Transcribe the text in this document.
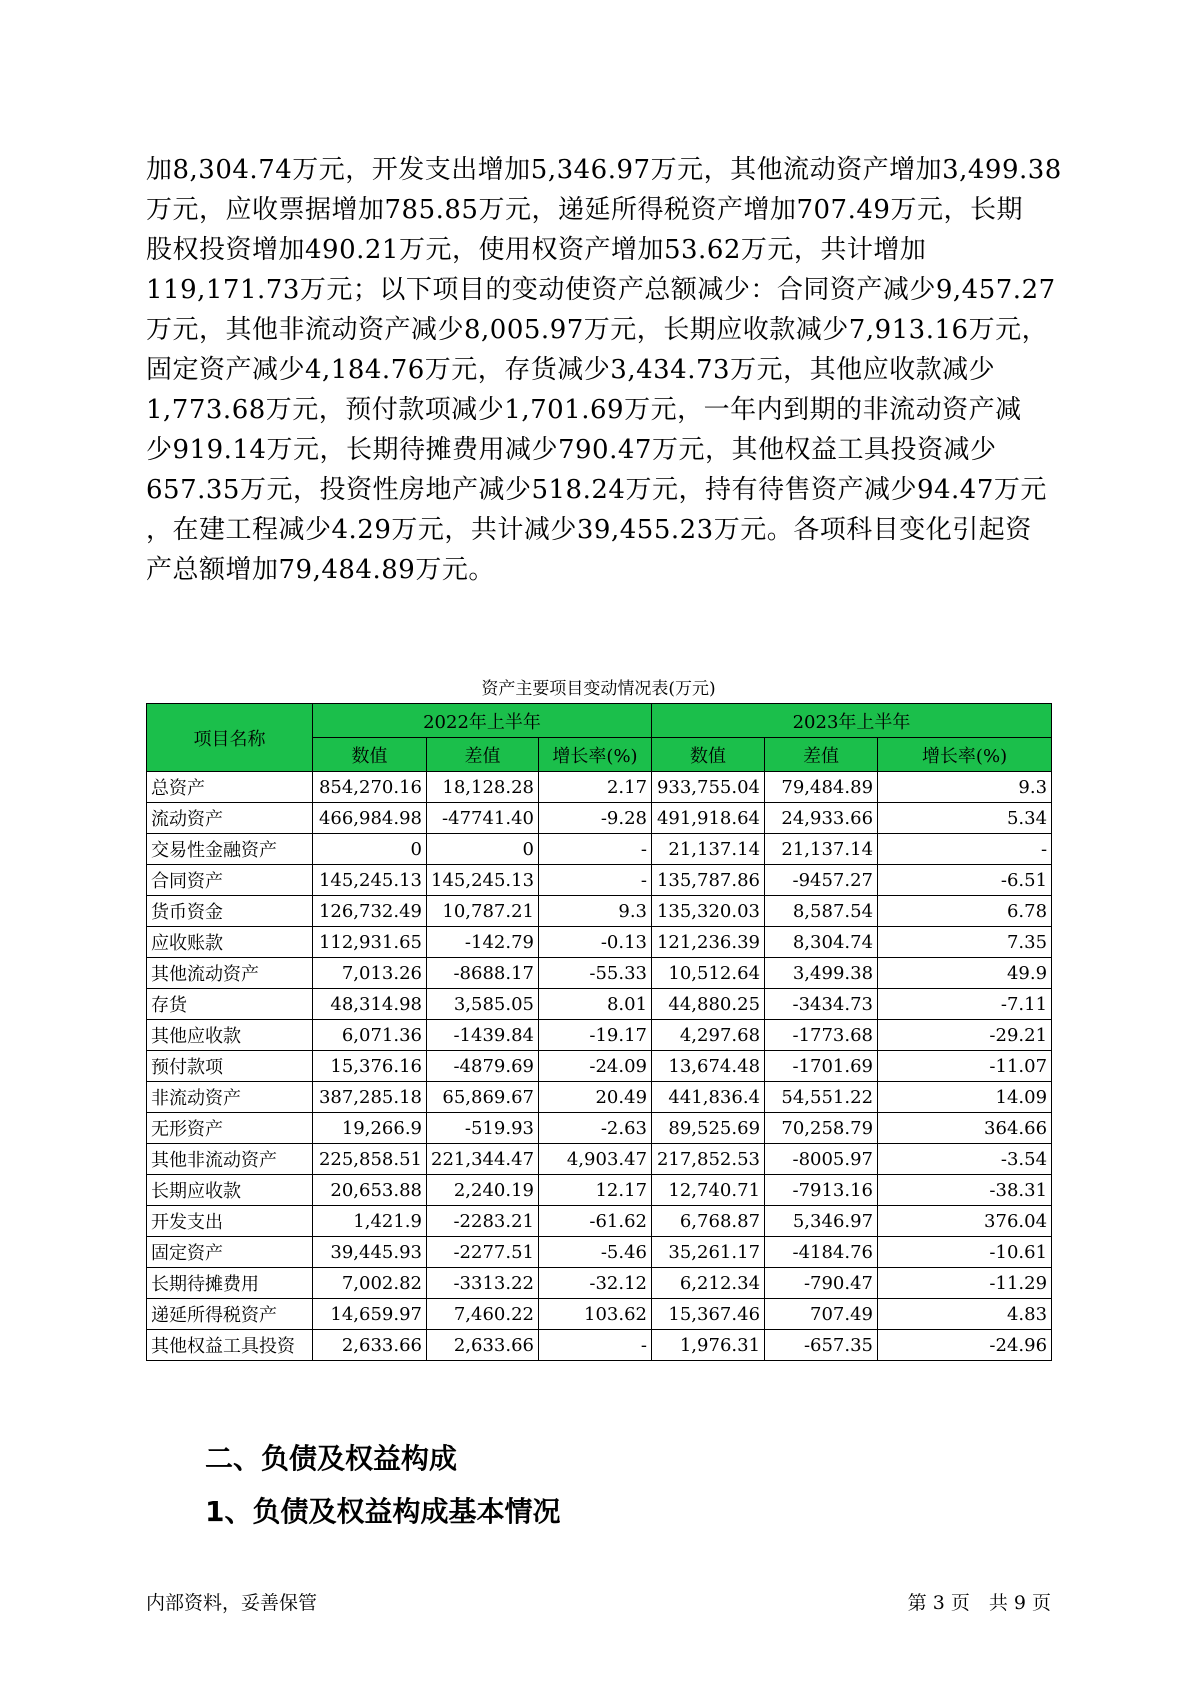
加8,304.74万元，开发支出增加5,346.97万元，其他流动资产增加3,499.38
万元，应收票据增加785.85万元，递延所得税资产增加707.49万元，长期
股权投资增加490.21万元，使用权资产增加53.62万元，共计增加
119,171.73万元；以下项目的变动使资产总额减少：合同资产减少9,457.27
万元，其他非流动资产减少8,005.97万元，长期应收款减少7,913.16万元，
固定资产减少4,184.76万元，存货减少3,434.73万元，其他应收款减少
1,773.68万元，预付款项减少1,701.69万元，一年内到期的非流动资产减
少919.14万元，长期待摊费用减少790.47万元，其他权益工具投资减少
657.35万元，投资性房地产减少518.24万元，持有待售资产减少94.47万元
，在建工程减少4.29万元，共计减少39,455.23万元。各项科目变化引起资
产总额增加79,484.89万元。
资产主要项目变动情况表(万元)
项目名称	2022年上半年			2023年上半年		
	数值	差值	增长率(%)	数值	差值	增长率(%)
总资产	854,270.16	18,128.28	2.17	933,755.04	79,484.89	9.3
流动资产	466,984.98	-47741.40	-9.28	491,918.64	24,933.66	5.34
交易性金融资产	0	0	-	21,137.14	21,137.14	-
合同资产	145,245.13	145,245.13	-	135,787.86	-9457.27	-6.51
货币资金	126,732.49	10,787.21	9.3	135,320.03	8,587.54	6.78
应收账款	112,931.65	-142.79	-0.13	121,236.39	8,304.74	7.35
其他流动资产	7,013.26	-8688.17	-55.33	10,512.64	3,499.38	49.9
存货	48,314.98	3,585.05	8.01	44,880.25	-3434.73	-7.11
其他应收款	6,071.36	-1439.84	-19.17	4,297.68	-1773.68	-29.21
预付款项	15,376.16	-4879.69	-24.09	13,674.48	-1701.69	-11.07
非流动资产	387,285.18	65,869.67	20.49	441,836.4	54,551.22	14.09
无形资产	19,266.9	-519.93	-2.63	89,525.69	70,258.79	364.66
其他非流动资产	225,858.51	221,344.47	4,903.47	217,852.53	-8005.97	-3.54
长期应收款	20,653.88	2,240.19	12.17	12,740.71	-7913.16	-38.31
开发支出	1,421.9	-2283.21	-61.62	6,768.87	5,346.97	376.04
固定资产	39,445.93	-2277.51	-5.46	35,261.17	-4184.76	-10.61
长期待摊费用	7,002.82	-3313.22	-32.12	6,212.34	-790.47	-11.29
递延所得税资产	14,659.97	7,460.22	103.62	15,367.46	707.49	4.83
其他权益工具投资	2,633.66	2,633.66	-	1,976.31	-657.35	-24.96
二、负债及权益构成
1、负债及权益构成基本情况
内部资料，妥善保管	第 3 页　共 9 页
